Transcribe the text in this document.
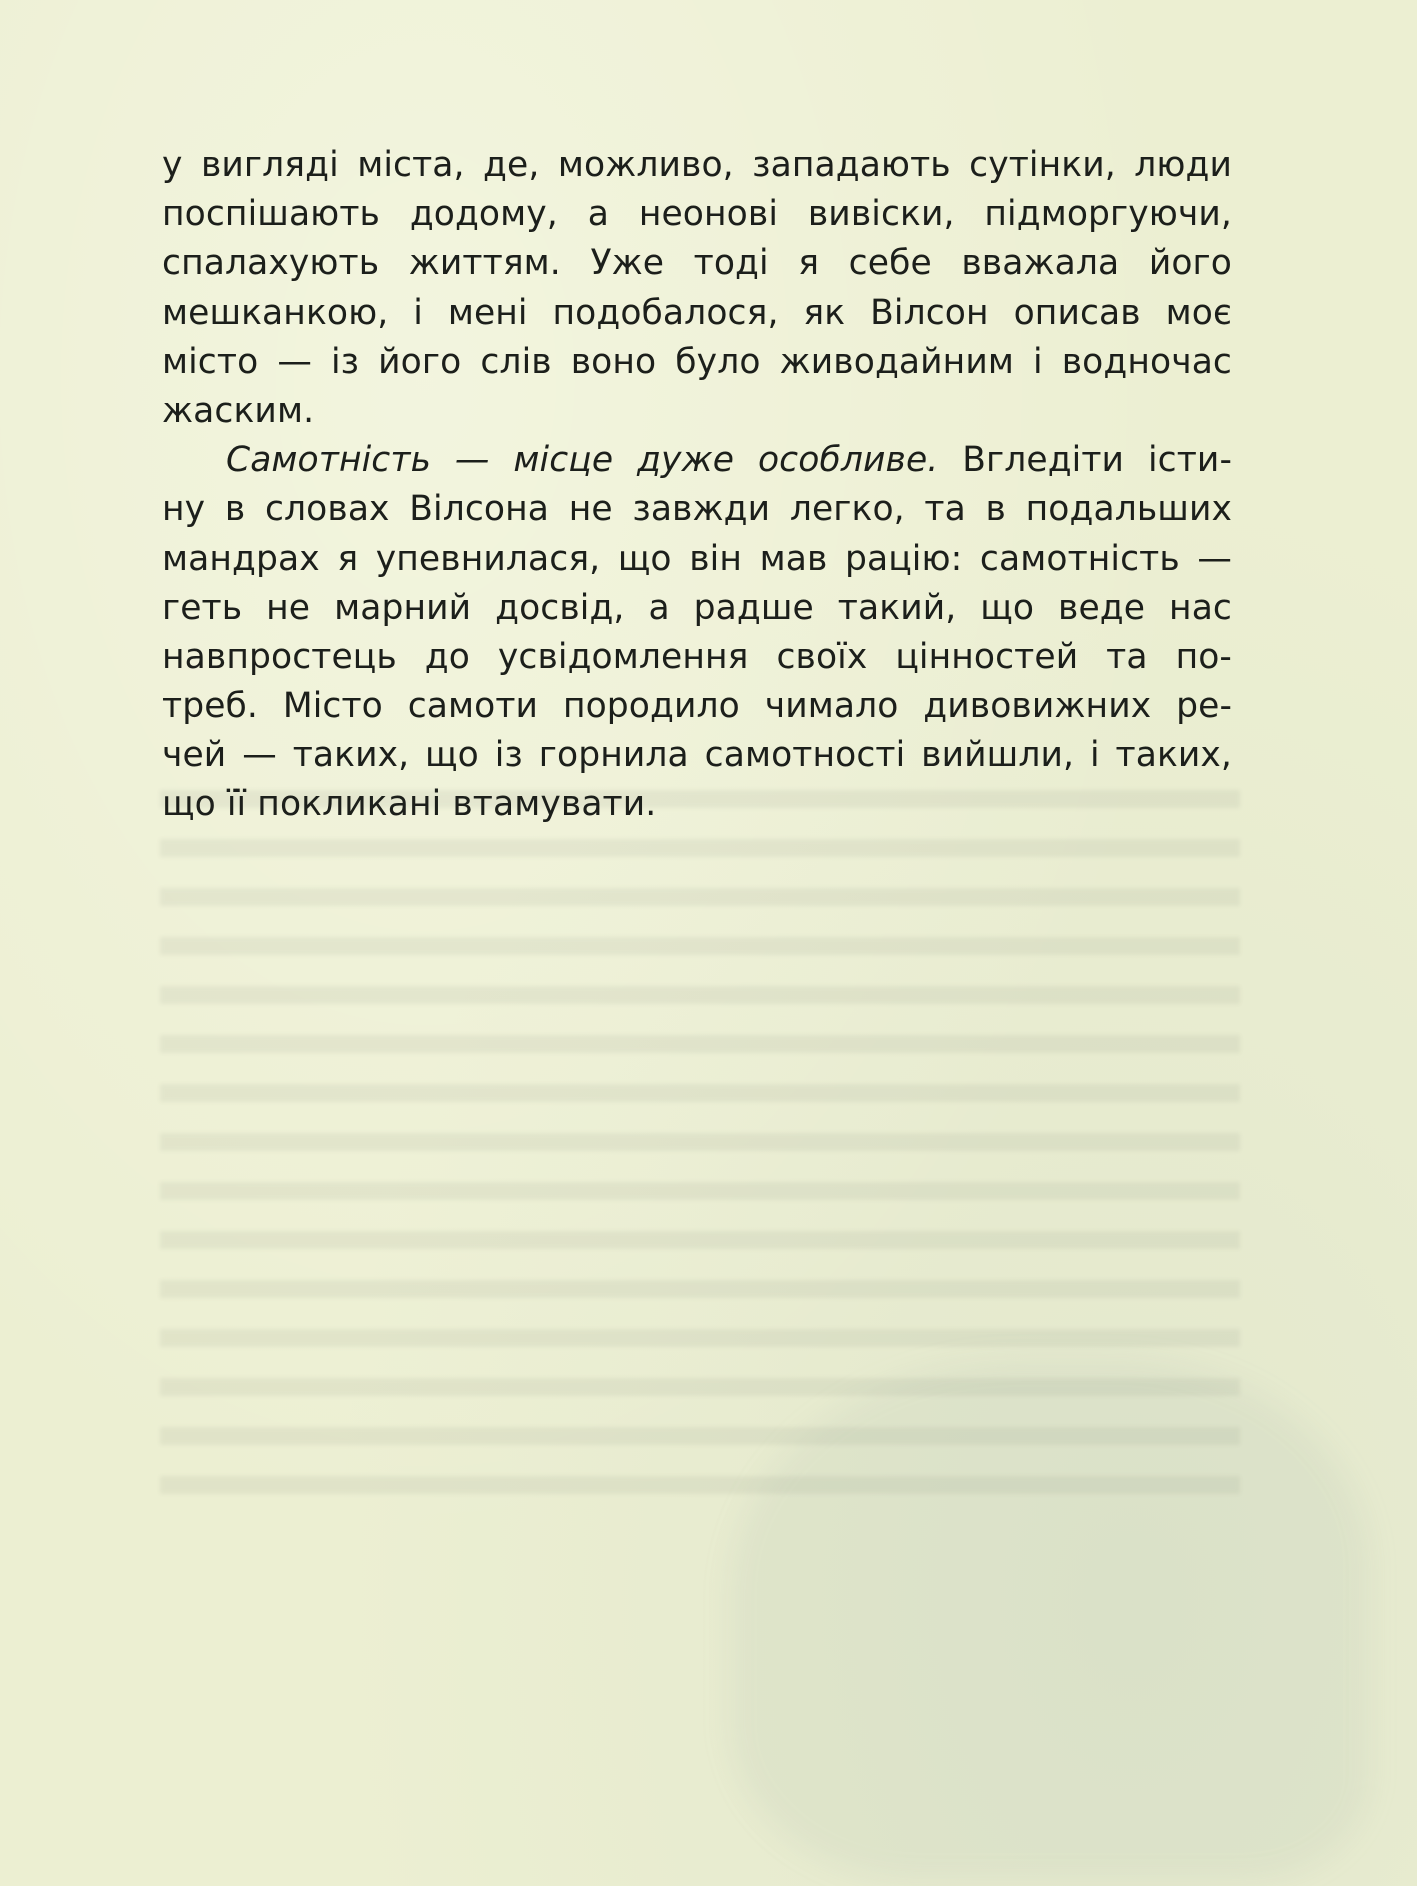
у вигляді міста, де, можливо, западають сутінки, люди
поспішають додому, а неонові вивіски, підморгуючи,
спалахують життям. Уже тоді я себе вважала його
мешканкою, і мені подобалося, як Вілсон описав моє
місто — із його слів воно було живодайним і водночас
жаским.
Самотність — місце дуже особливе. Вгледіти істи-
ну в словах Вілсона не завжди легко, та в подальших
мандрах я упевнилася, що він мав рацію: самотність —
геть не марний досвід, а радше такий, що веде нас
навпростець до усвідомлення своїх цінностей та по-
треб. Місто самоти породило чимало дивовижних ре-
чей — таких, що із горнила самотності вийшли, і таких,
що її покликані втамувати.
